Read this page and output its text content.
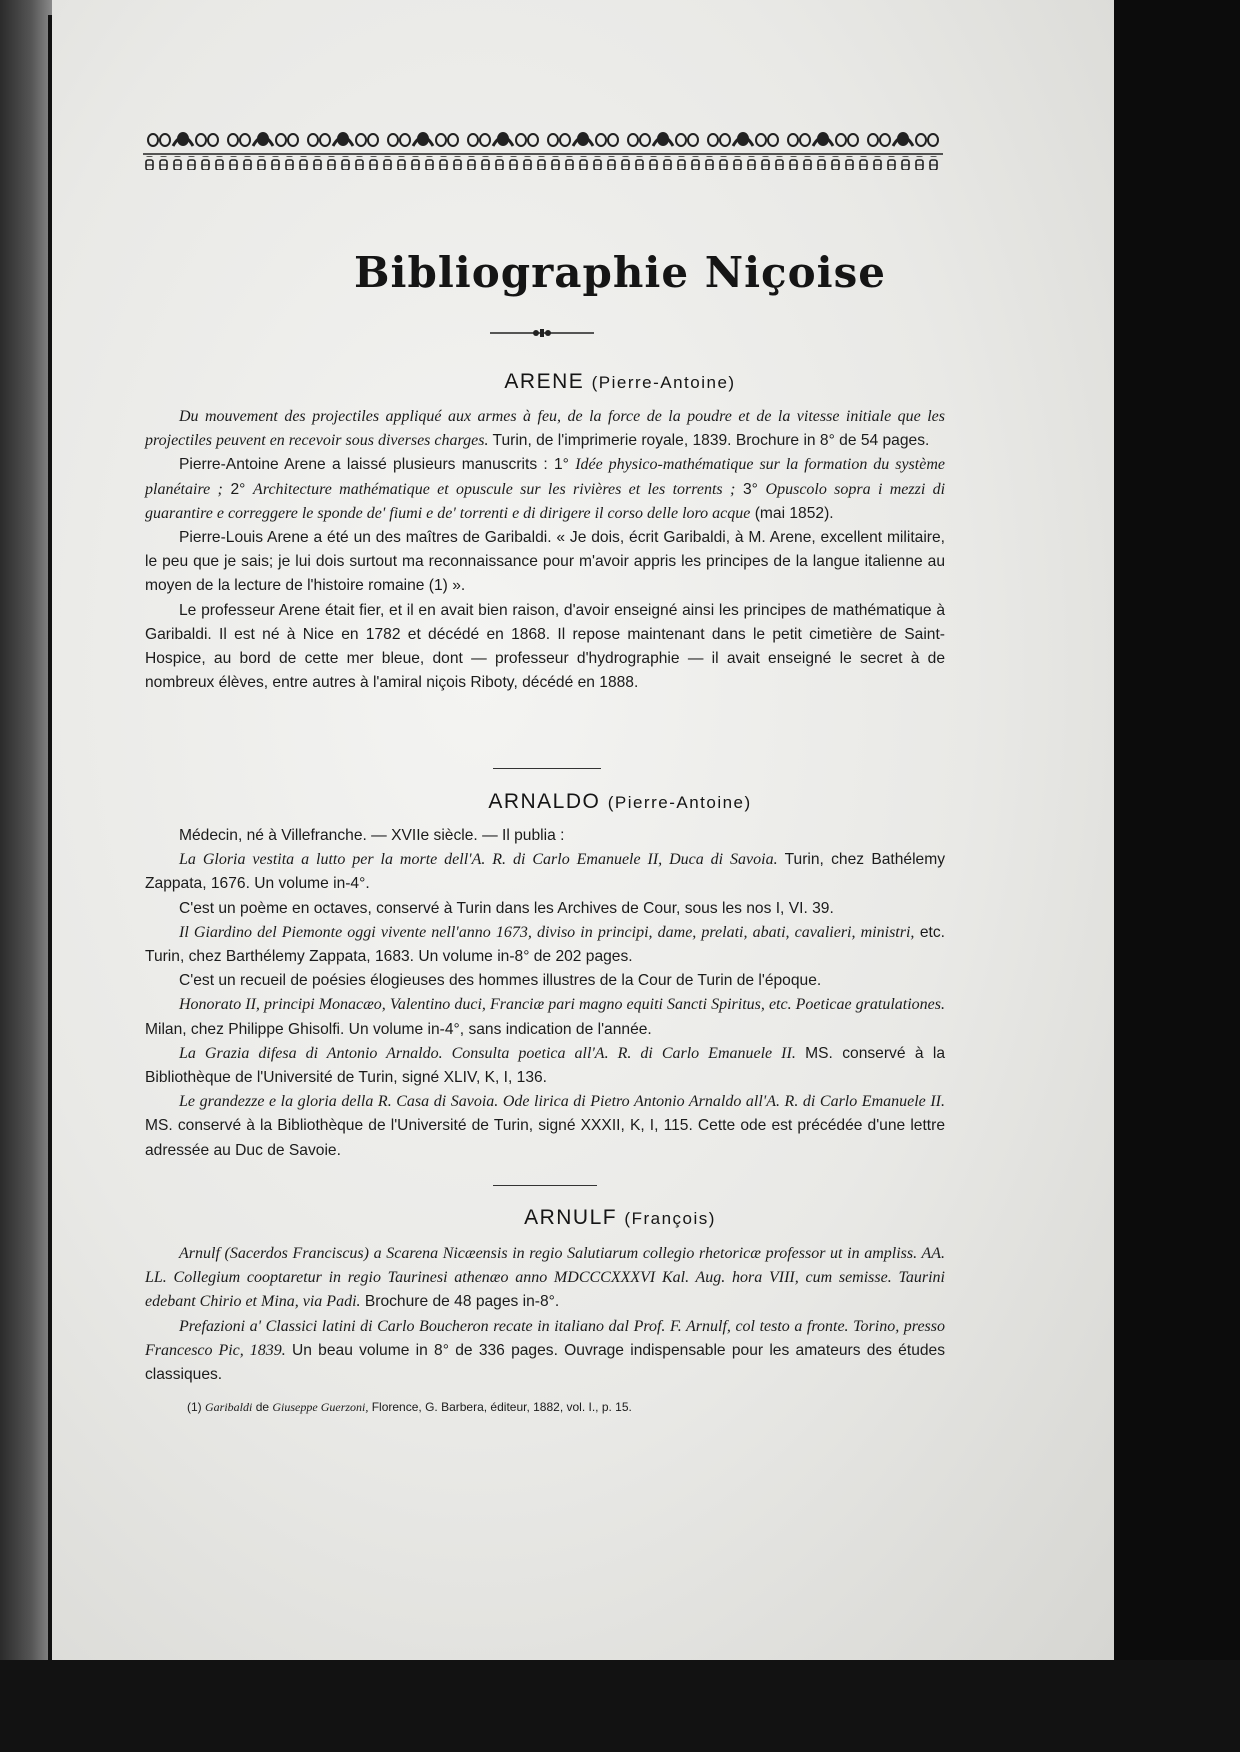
Bibliographie Niçoise
ARENE (Pierre-Antoine)

Du mouvement des projectiles appliqué aux armes à feu, de la force de la poudre et de la vitesse initiale que les projectiles peuvent en recevoir sous diverses charges. Turin, de l'imprimerie royale, 1839. Brochure in 8° de 54 pages.

Pierre-Antoine Arene a laissé plusieurs manuscrits : 1° Idée physico-mathématique sur la formation du système planétaire ; 2° Architecture mathématique et opuscule sur les rivières et les torrents ; 3° Opuscolo sopra i mezzi di guarantire e correggere le sponde de' fiumi e de' torrenti e di dirigere il corso delle loro acque (mai 1852).

Pierre-Louis Arene a été un des maîtres de Garibaldi. « Je dois, écrit Garibaldi, à M. Arene, excellent militaire, le peu que je sais; je lui dois surtout ma reconnaissance pour m'avoir appris les principes de la langue italienne au moyen de la lecture de l'histoire romaine (1) ».

Le professeur Arene était fier, et il en avait bien raison, d'avoir enseigné ainsi les principes de mathématique à Garibaldi. Il est né à Nice en 1782 et décédé en 1868. Il repose maintenant dans le petit cimetière de Saint-Hospice, au bord de cette mer bleue, dont — professeur d'hydrographie — il avait enseigné le secret à de nombreux élèves, entre autres à l'amiral niçois Riboty, décédé en 1888.

ARNALDO (Pierre-Antoine)

Médecin, né à Villefranche. — XVIIe siècle. — Il publia :

La Gloria vestita a lutto per la morte dell'A. R. di Carlo Emanuele II, Duca di Savoia. Turin, chez Bathélemy Zappata, 1676. Un volume in-4°.

C'est un poème en octaves, conservé à Turin dans les Archives de Cour, sous les nos I, VI. 39.

Il Giardino del Piemonte oggi vivente nell'anno 1673, diviso in principi, dame, prelati, abati, cavalieri, ministri, etc. Turin, chez Barthélemy Zappata, 1683. Un volume in-8° de 202 pages.

C'est un recueil de poésies élogieuses des hommes illustres de la Cour de Turin de l'époque.

Honorato II, principi Monacæo, Valentino duci, Franciæ pari magno equiti Sancti Spiritus, etc. Poeticae gratulationes. Milan, chez Philippe Ghisolfi. Un volume in-4°, sans indication de l'année.

La Grazia difesa di Antonio Arnaldo. Consulta poetica all'A. R. di Carlo Emanuele II. MS. conservé à la Bibliothèque de l'Université de Turin, signé XLIV, K, I, 136.

Le grandezze e la gloria della R. Casa di Savoia. Ode lirica di Pietro Antonio Arnaldo all'A. R. di Carlo Emanuele II. MS. conservé à la Bibliothèque de l'Université de Turin, signé XXXII, K, I, 115. Cette ode est précédée d'une lettre adressée au Duc de Savoie.

ARNULF (François)

Arnulf (Sacerdos Franciscus) a Scarena Nicæensis in regio Salutiarum collegio rhetoricæ professor ut in ampliss. AA. LL. Collegium cooptaretur in regio Taurinesi athenæo anno MDCCCXXXVI Kal. Aug. hora VIII, cum semisse. Taurini edebant Chirio et Mina, via Padi. Brochure de 48 pages in-8°.

Prefazioni a' Classici latini di Carlo Boucheron recate in italiano dal Prof. F. Arnulf, col testo a fronte. Torino, presso Francesco Pic, 1839. Un beau volume in 8° de 336 pages. Ouvrage indispensable pour les amateurs des études classiques.

(1) Garibaldi de Giuseppe Guerzoni, Florence, G. Barbera, éditeur, 1882, vol. I., p. 15.
